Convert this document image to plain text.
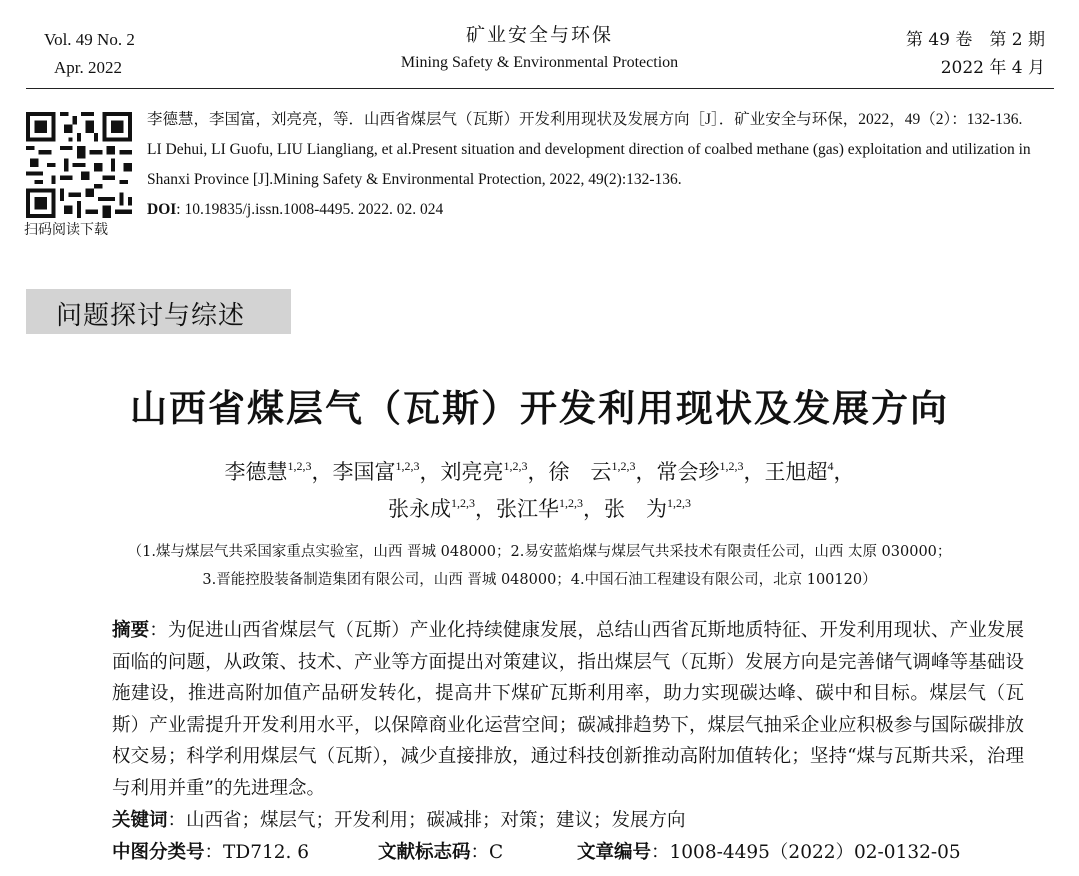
Vol. 49 No. 2
Apr. 2022
矿业安全与环保
Mining Safety & Environmental Protection
第 49 卷　第 2 期
2022 年 4 月
扫码阅读下载

李德慧，李国富，刘亮亮，等．山西省煤层气（瓦斯）开发利用现状及发展方向［J］．矿业安全与环保，2022，49（2）：132-136.

LI Dehui, LI Guofu, LIU Liangliang, et al.Present situation and development direction of coalbed methane (gas) exploitation and utilization in Shanxi Province [J].Mining Safety & Environmental Protection, 2022, 49(2):132-136.

DOI: 10.19835/j.issn.1008-4495. 2022. 02. 024

问题探讨与综述
山西省煤层气（瓦斯）开发利用现状及发展方向
李德慧$^{1,2,3}$，李国富$^{1,2,3}$，刘亮亮$^{1,2,3}$，徐　云$^{1,2,3}$，常会珍$^{1,2,3}$，王旭超$^4$，
张永成$^{1,2,3}$，张江华$^{1,2,3}$，张　为$^{1,2,3}$
（1.煤与煤层气共采国家重点实验室，山西 晋城 048000；2.易安蓝焰煤与煤层气共采技术有限责任公司，山西 太原 030000；
3.晋能控股装备制造集团有限公司，山西 晋城 048000；4.中国石油工程建设有限公司，北京 100120）
摘要：为促进山西省煤层气（瓦斯）产业化持续健康发展，总结山西省瓦斯地质特征、开发利用现状、产业发展面临的问题，从政策、技术、产业等方面提出对策建议，指出煤层气（瓦斯）发展方向是完善储气调峰等基础设施建设，推进高附加值产品研发转化，提高井下煤矿瓦斯利用率，助力实现碳达峰、碳中和目标。煤层气（瓦斯）产业需提升开发利用水平，以保障商业化运营空间；碳减排趋势下，煤层气抽采企业应积极参与国际碳排放权交易；科学利用煤层气（瓦斯），减少直接排放，通过科技创新推动高附加值转化；坚持“煤与瓦斯共采，治理与利用并重”的先进理念。
关键词：山西省；煤层气；开发利用；碳减排；对策；建议；发展方向
中图分类号：TD712. 6	文献标志码：C	文章编号：1008-4495（2022）02-0132-05
